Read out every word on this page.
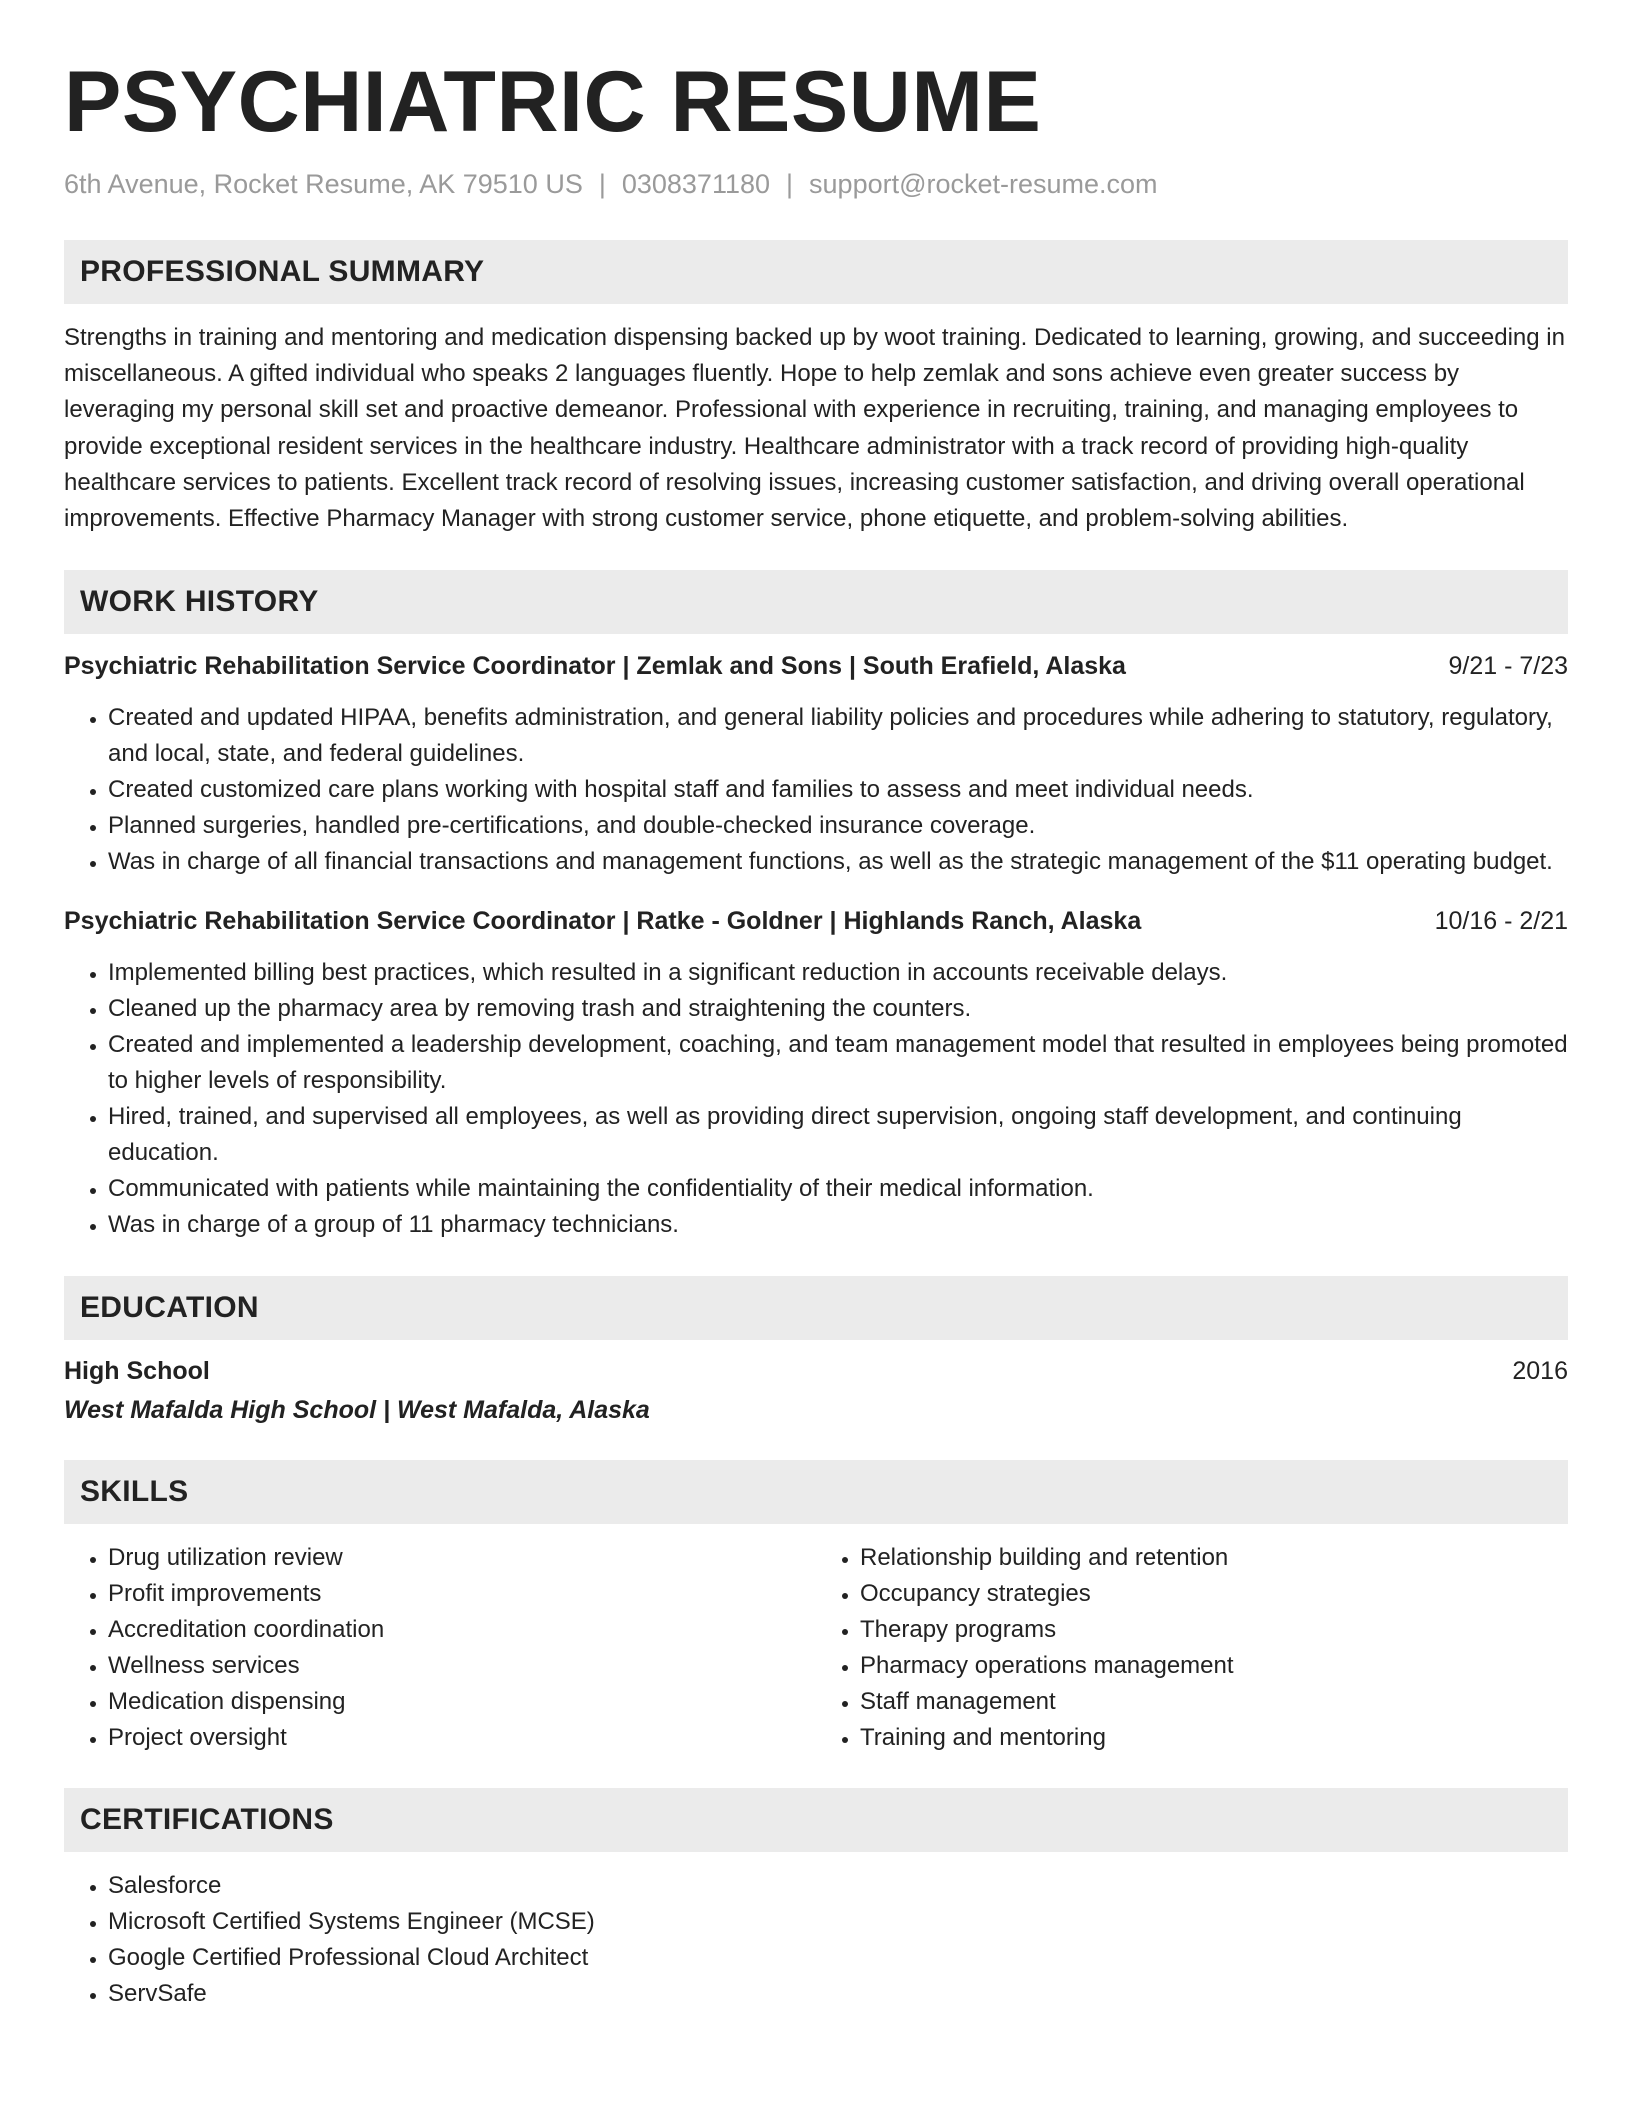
PSYCHIATRIC RESUME
6th Avenue, Rocket Resume, AK 79510 US | 0308371180 | support@rocket-resume.com
PROFESSIONAL SUMMARY
Strengths in training and mentoring and medication dispensing backed up by woot training. Dedicated to learning, growing, and succeeding in miscellaneous. A gifted individual who speaks 2 languages fluently. Hope to help zemlak and sons achieve even greater success by leveraging my personal skill set and proactive demeanor. Professional with experience in recruiting, training, and managing employees to provide exceptional resident services in the healthcare industry. Healthcare administrator with a track record of providing high-quality healthcare services to patients. Excellent track record of resolving issues, increasing customer satisfaction, and driving overall operational improvements. Effective Pharmacy Manager with strong customer service, phone etiquette, and problem-solving abilities.
WORK HISTORY
Psychiatric Rehabilitation Service Coordinator | Zemlak and Sons | South Erafield, Alaska	9/21 - 7/23
• Created and updated HIPAA, benefits administration, and general liability policies and procedures while adhering to statutory, regulatory, and local, state, and federal guidelines.
• Created customized care plans working with hospital staff and families to assess and meet individual needs.
• Planned surgeries, handled pre-certifications, and double-checked insurance coverage.
• Was in charge of all financial transactions and management functions, as well as the strategic management of the $11 operating budget.
Psychiatric Rehabilitation Service Coordinator | Ratke - Goldner | Highlands Ranch, Alaska	10/16 - 2/21
• Implemented billing best practices, which resulted in a significant reduction in accounts receivable delays.
• Cleaned up the pharmacy area by removing trash and straightening the counters.
• Created and implemented a leadership development, coaching, and team management model that resulted in employees being promoted to higher levels of responsibility.
• Hired, trained, and supervised all employees, as well as providing direct supervision, ongoing staff development, and continuing education.
• Communicated with patients while maintaining the confidentiality of their medical information.
• Was in charge of a group of 11 pharmacy technicians.
EDUCATION
High School	2016
West Mafalda High School | West Mafalda, Alaska
SKILLS
• Drug utilization review
• Profit improvements
• Accreditation coordination
• Wellness services
• Medication dispensing
• Project oversight
• Relationship building and retention
• Occupancy strategies
• Therapy programs
• Pharmacy operations management
• Staff management
• Training and mentoring
CERTIFICATIONS
• Salesforce
• Microsoft Certified Systems Engineer (MCSE)
• Google Certified Professional Cloud Architect
• ServSafe
